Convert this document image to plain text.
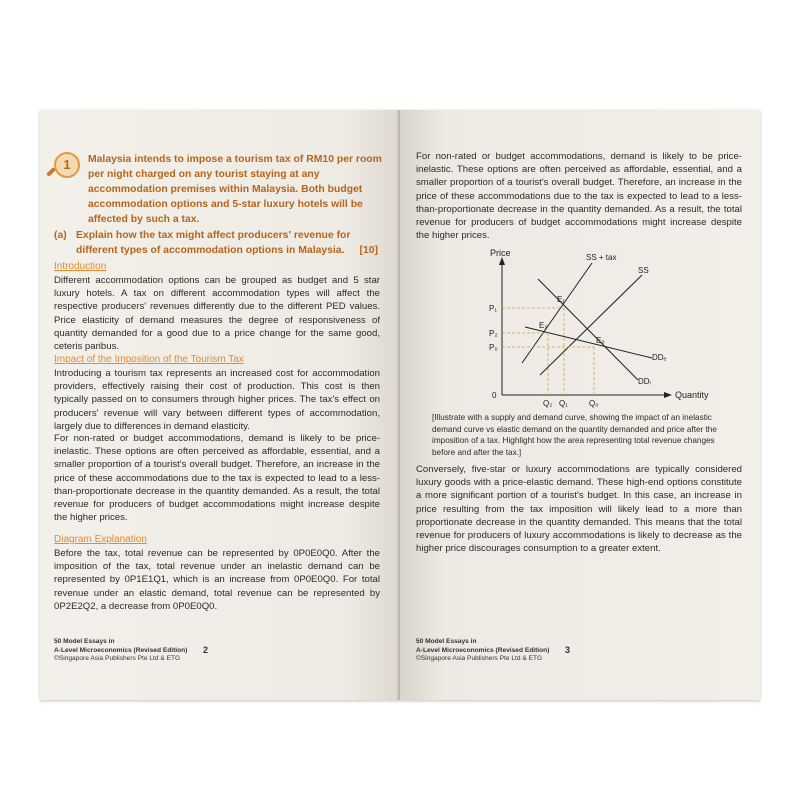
1	Malaysia intends to impose a tourism tax of RM10 per room per night charged on any tourist staying at any accommodation premises within Malaysia. Both budget accommodation options and 5-star luxury hotels will be affected by such a tax.
(a) Explain how the tax might affect producers' revenue for different types of accommodation options in Malaysia. [10]
Introduction
Different accommodation options can be grouped as budget and 5 star luxury hotels. A tax on different accommodation types will affect the respective producers' revenues differently due to the different PED values. Price elasticity of demand measures the degree of responsiveness of quantity demanded for a good due to a price change for the same good, ceteris paribus.
Impact of the Imposition of the Tourism Tax
Introducing a tourism tax represents an increased cost for accommodation providers, effectively raising their cost of production. This cost is then typically passed on to consumers through higher prices. The tax's effect on producers' revenue will vary between different types of accommodation, largely due to differences in demand elasticity.
For non-rated or budget accommodations, demand is likely to be price-inelastic. These options are often perceived as affordable, essential, and a smaller proportion of a tourist's overall budget. Therefore, an increase in the price of these accommodations due to the tax is expected to lead to a less-than-proportionate decrease in the quantity demanded. As a result, the total revenue for producers of budget accommodations might increase despite the higher prices.
Diagram Explanation
Before the tax, total revenue can be represented by 0P0E0Q0. After the imposition of the tax, total revenue under an inelastic demand can be represented by 0P1E1Q1, which is an increase from 0P0E0Q0. For total revenue under an elastic demand, total revenue can be represented by 0P2E2Q2, a decrease from 0P0E0Q0.
50 Model Essays in
A-Level Microeconomics (Revised Edition)
©Singapore Asia Publishers Pte Ltd & ETG
2
For non-rated or budget accommodations, demand is likely to be price-inelastic. These options are often perceived as affordable, essential, and a smaller proportion of a tourist's overall budget. Therefore, an increase in the price of these accommodations due to the tax is expected to lead to a less-than-proportionate decrease in the quantity demanded. As a result, the total revenue for producers of budget accommodations might increase despite the higher prices.
Price
Quantity
0
SS + tax
SS
DDₑ
DDᵢ
E₁
E₂
E₀
P₁
P₂
P₀
Q₂ Q₁	Q₀
[Illustrate with a supply and demand curve, showing the impact of an inelastic demand curve vs elastic demand on the quantity demanded and price after the imposition of a tax. Highlight how the area representing total revenue changes before and after the tax.]
Conversely, five-star or luxury accommodations are typically considered luxury goods with a price-elastic demand. These high-end options constitute a more significant portion of a tourist's budget. In this case, an increase in price resulting from the tax imposition will likely lead to a more than proportionate decrease in the quantity demanded. This means that the total revenue for producers of luxury accommodations is likely to decrease as the higher price discourages consumption to a greater extent.
50 Model Essays in
A-Level Microeconomics (Revised Edition)
©Singapore Asia Publishers Pte Ltd & ETG
3
